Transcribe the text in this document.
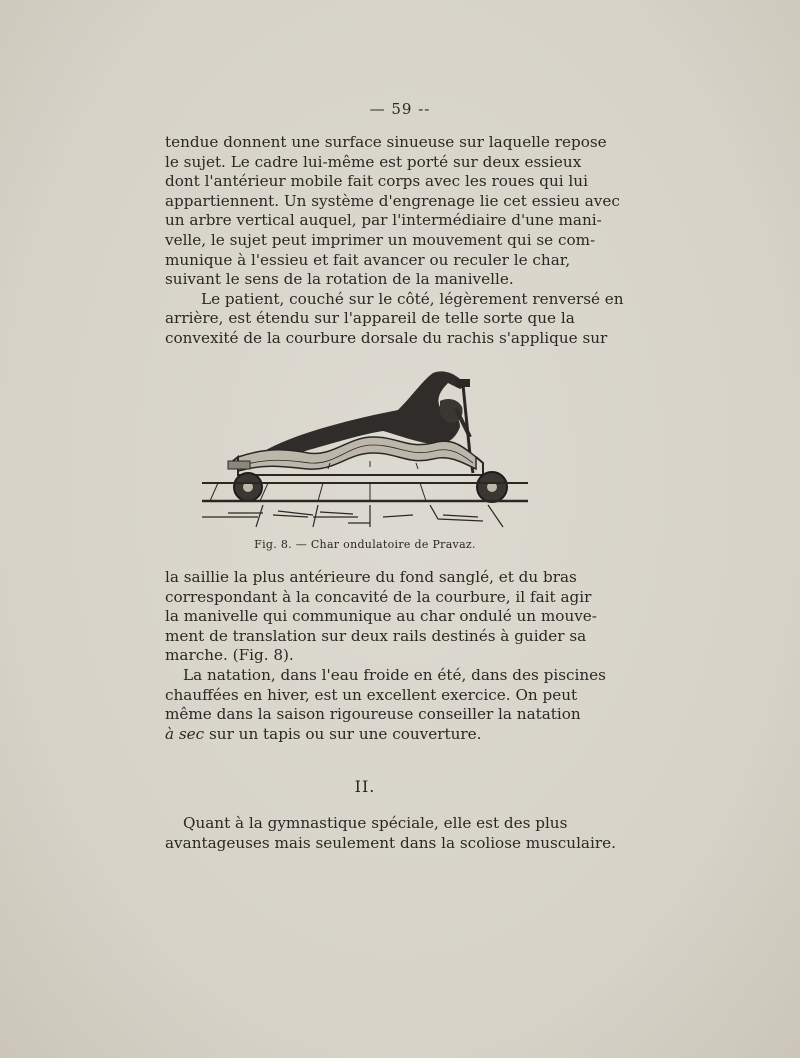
— 59 --
tendue donnent une surface sinueuse sur laquelle repose
le sujet. Le cadre lui-même est porté sur deux essieux
dont l'antérieur mobile fait corps avec les roues qui lui
appartiennent. Un système d'engrenage lie cet essieu avec
un arbre vertical auquel, par l'intermédiaire d'une mani-
velle, le sujet peut imprimer un mouvement qui se com-
munique à l'essieu et fait avancer ou reculer le char,
suivant le sens de la rotation de la manivelle.
Le patient, couché sur le côté, légèrement renversé en
arrière, est étendu sur l'appareil de telle sorte que la
convexité de la courbure dorsale du rachis s'applique sur
Fig. 8. — Char ondulatoire de Pravaz.
la saillie la plus antérieure du fond sanglé, et du bras
correspondant à la concavité de la courbure, il fait agir
la manivelle qui communique au char ondulé un mouve-
ment de translation sur deux rails destinés à guider sa
marche. (Fig. 8).
La natation, dans l'eau froide en été, dans des piscines
chauffées en hiver, est un excellent exercice. On peut
même dans la saison rigoureuse conseiller la natation
à sec sur un tapis ou sur une couverture.
II.
Quant à la gymnastique spéciale, elle est des plus
avantageuses mais seulement dans la scoliose musculaire.
